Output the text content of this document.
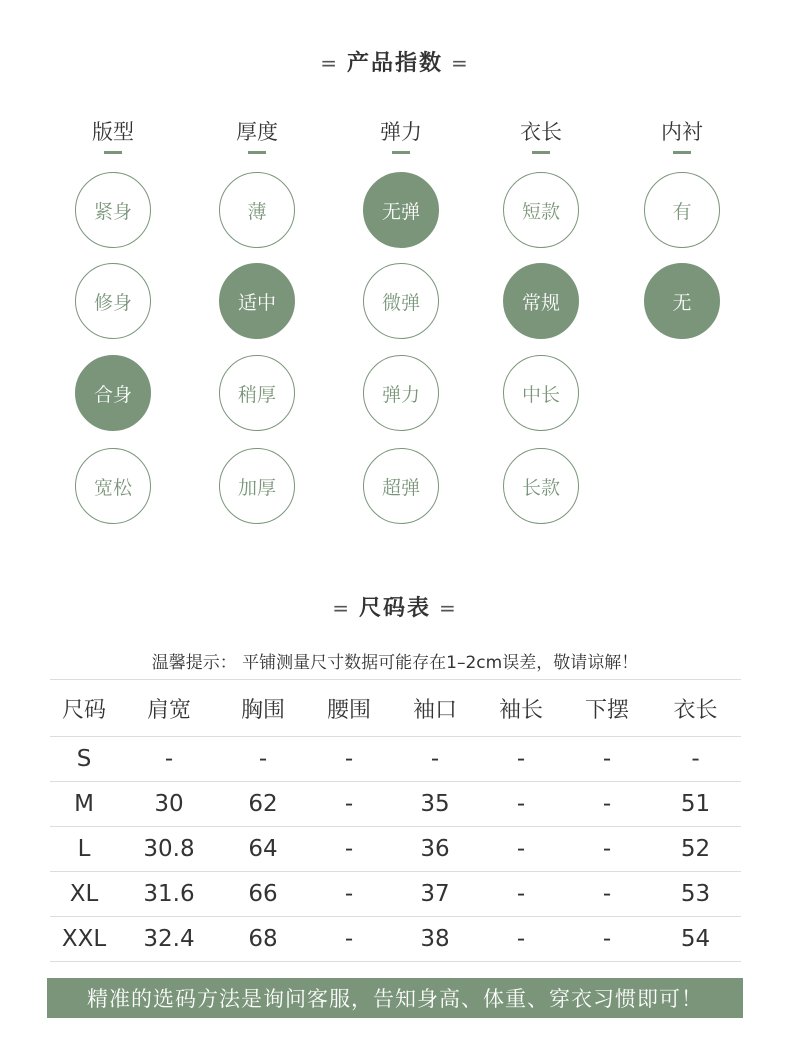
= 产品指数 =
版型
紧身
修身
合身
宽松
厚度
薄
适中
稍厚
加厚
弹力
无弹
微弹
弹力
超弹
衣长
短款
常规
中长
长款
内衬
有
无
= 尺码表 =
温馨提示： 平铺测量尺寸数据可能存在1–2cm误差，敬请谅解！
尺码	肩宽	胸围	腰围	袖口	袖长	下摆	衣长
S	-	-	-	-	-	-	-
M	30	62	-	35	-	-	51
L	30.8	64	-	36	-	-	52
XL	31.6	66	-	37	-	-	53
XXL	32.4	68	-	38	-	-	54
精准的选码方法是询问客服，告知身高、体重、穿衣习惯即可！
